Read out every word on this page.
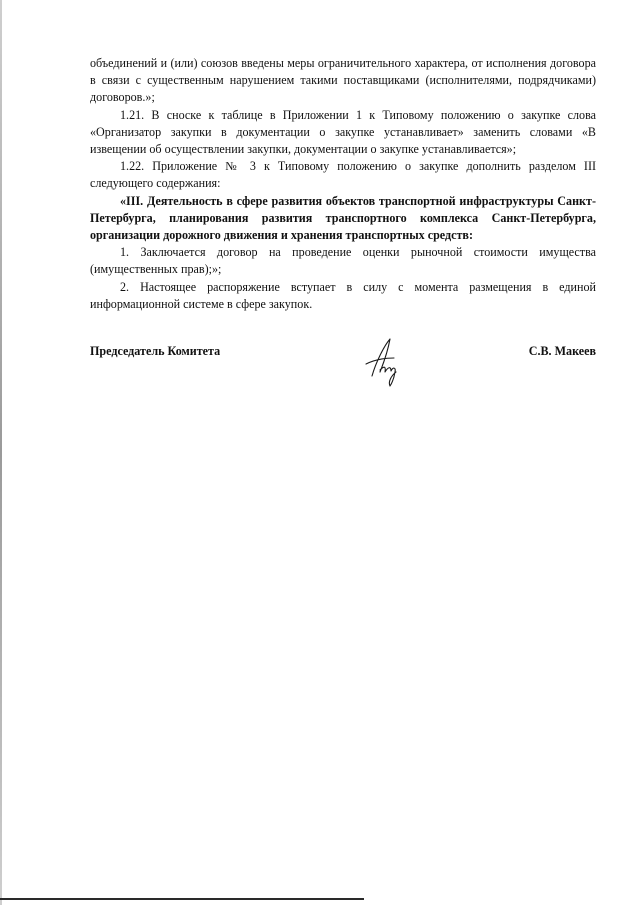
объединений и (или) союзов введены меры ограничительного характера, от исполнения договора в связи с существенным нарушением такими поставщиками (исполнителями, подрядчиками) договоров.»;

1.21. В сноске к таблице в Приложении 1 к Типовому положению о закупке слова «Организатор закупки в документации о закупке устанавливает» заменить словами «В извещении об осуществлении закупки, документации о закупке устанавливается»;

1.22. Приложение № 3 к Типовому положению о закупке дополнить разделом III следующего содержания:

«III. Деятельность в сфере развития объектов транспортной инфраструктуры Санкт-Петербурга, планирования развития транспортного комплекса Санкт-Петербурга, организации дорожного движения и хранения транспортных средств:

1. Заключается договор на проведение оценки рыночной стоимости имущества (имущественных прав);»;

2. Настоящее распоряжение вступает в силу с момента размещения в единой информационной системе в сфере закупок.

Председатель Комитета	С.В. Макеев
